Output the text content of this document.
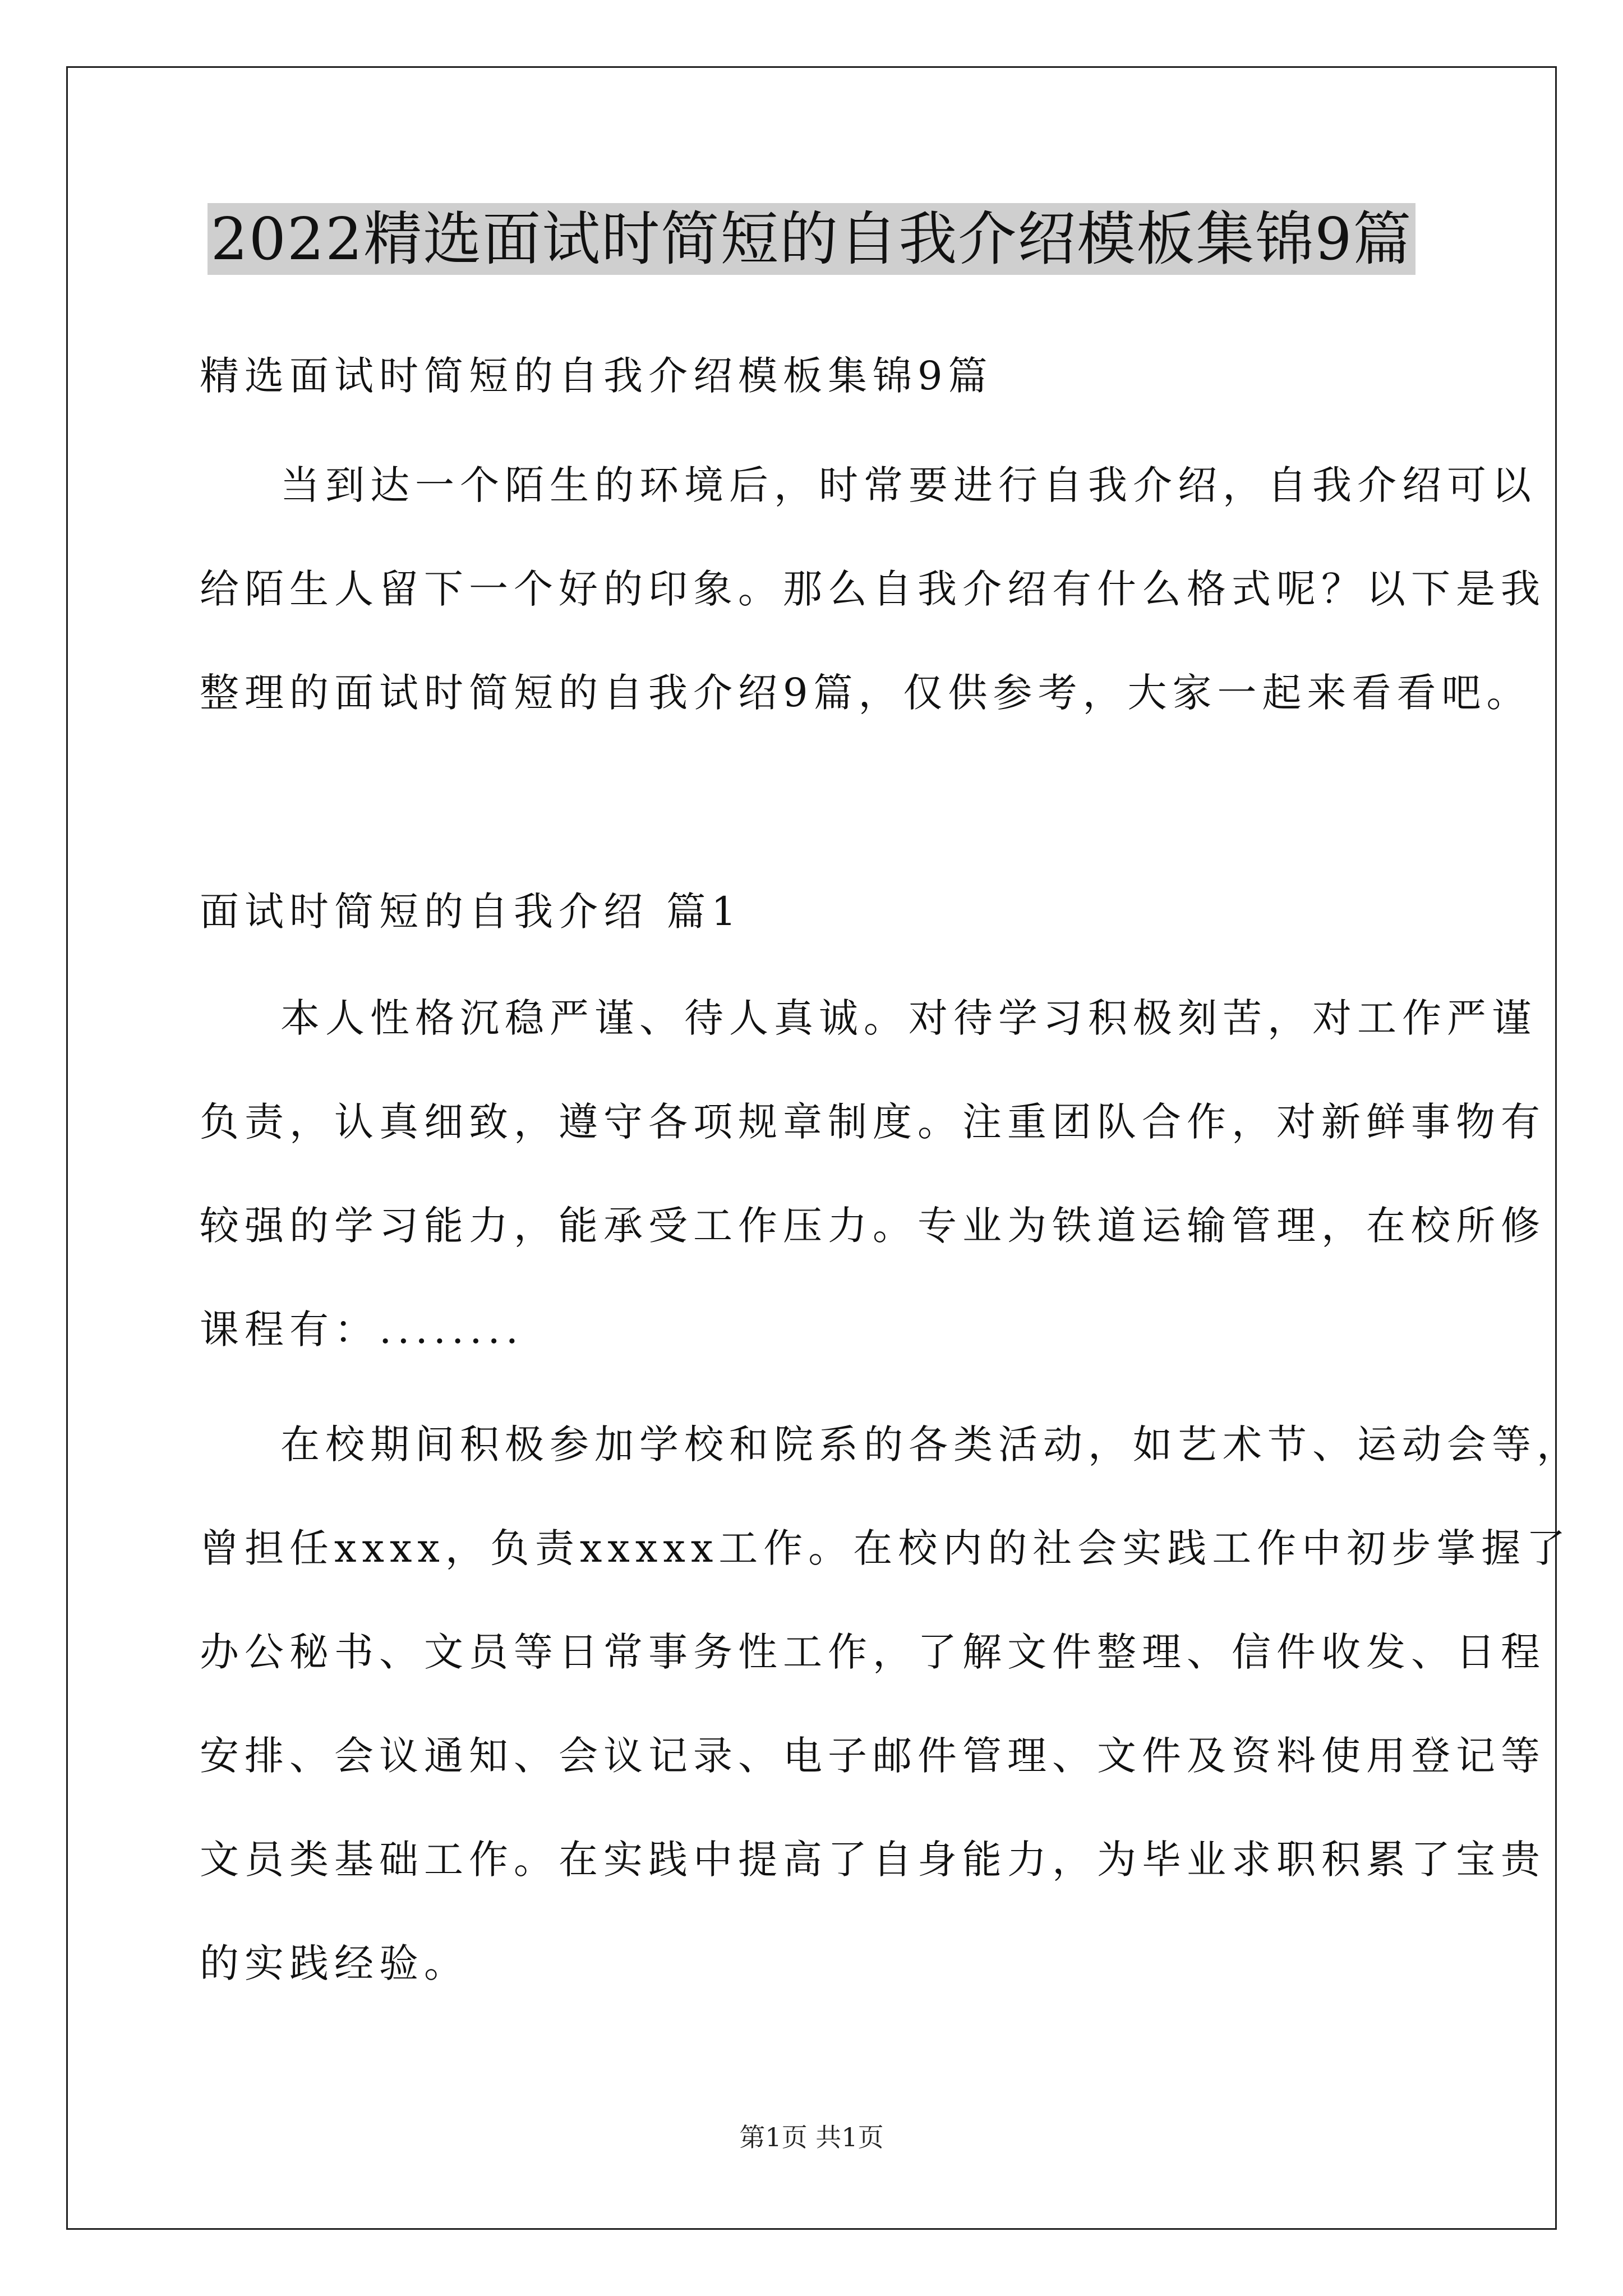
2022精选面试时简短的自我介绍模板集锦9篇
精选面试时简短的自我介绍模板集锦9篇
当到达一个陌生的环境后，时常要进行自我介绍，自我介绍可以
给陌生人留下一个好的印象。那么自我介绍有什么格式呢？以下是我
整理的面试时简短的自我介绍9篇，仅供参考，大家一起来看看吧。
面试时简短的自我介绍 篇1
本人性格沉稳严谨、待人真诚。对待学习积极刻苦，对工作严谨
负责，认真细致，遵守各项规章制度。注重团队合作，对新鲜事物有
较强的学习能力，能承受工作压力。专业为铁道运输管理，在校所修
课程有：........
在校期间积极参加学校和院系的各类活动，如艺术节、运动会等，
曾担任xxxx，负责xxxxx工作。在校内的社会实践工作中初步掌握了
办公秘书、文员等日常事务性工作，了解文件整理、信件收发、日程
安排、会议通知、会议记录、电子邮件管理、文件及资料使用登记等
文员类基础工作。在实践中提高了自身能力，为毕业求职积累了宝贵
的实践经验。
第1页 共1页
